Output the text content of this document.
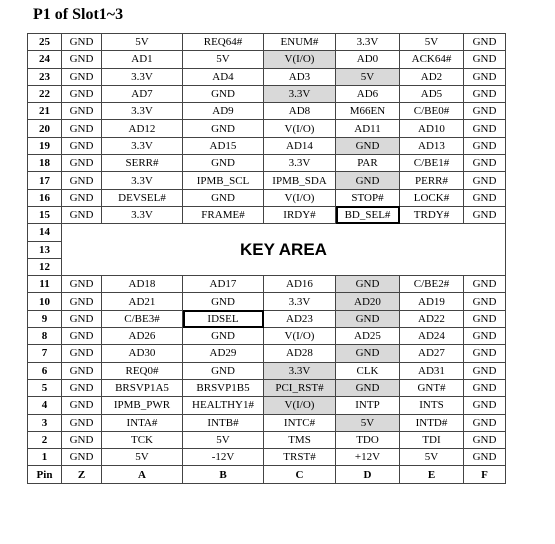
P1 of Slot1~3
25	GND	5V	REQ64#	ENUM#	3.3V	5V	GND
24	GND	AD1	5V	V(I/O)	AD0	ACK64#	GND
23	GND	3.3V	AD4	AD3	5V	AD2	GND
22	GND	AD7	GND	3.3V	AD6	AD5	GND
21	GND	3.3V	AD9	AD8	M66EN	C/BE0#	GND
20	GND	AD12	GND	V(I/O)	AD11	AD10	GND
19	GND	3.3V	AD15	AD14	GND	AD13	GND
18	GND	SERR#	GND	3.3V	PAR	C/BE1#	GND
17	GND	3.3V	IPMB_SCL	IPMB_SDA	GND	PERR#	GND
16	GND	DEVSEL#	GND	V(I/O)	STOP#	LOCK#	GND
15	GND	3.3V	FRAME#	IRDY#	BD_SEL#	TRDY#	GND
14	KEY AREA						
13							
12							
11	GND	AD18	AD17	AD16	GND	C/BE2#	GND
10	GND	AD21	GND	3.3V	AD20	AD19	GND
9	GND	C/BE3#	IDSEL	AD23	GND	AD22	GND
8	GND	AD26	GND	V(I/O)	AD25	AD24	GND
7	GND	AD30	AD29	AD28	GND	AD27	GND
6	GND	REQ0#	GND	3.3V	CLK	AD31	GND
5	GND	BRSVP1A5	BRSVP1B5	PCI_RST#	GND	GNT#	GND
4	GND	IPMB_PWR	HEALTHY1#	V(I/O)	INTP	INTS	GND
3	GND	INTA#	INTB#	INTC#	5V	INTD#	GND
2	GND	TCK	5V	TMS	TDO	TDI	GND
1	GND	5V	-12V	TRST#	+12V	5V	GND
Pin	Z	A	B	C	D	E	F
